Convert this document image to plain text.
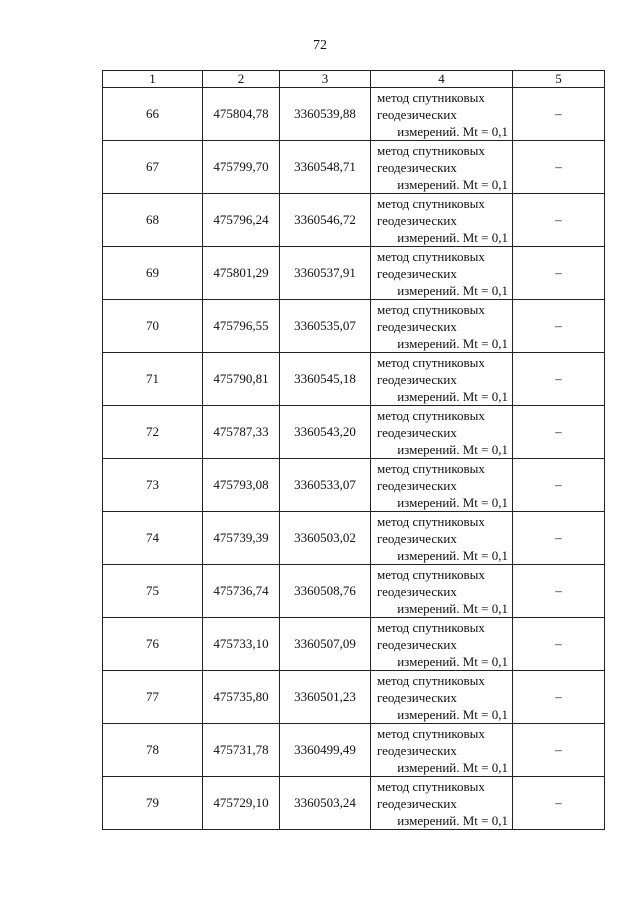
72
1	2	3	4	5
66	475804,78	3360539,88	метод спутниковых
геодезических
измерений. Mt = 0,1	–
67	475799,70	3360548,71	метод спутниковых
геодезических
измерений. Mt = 0,1	–
68	475796,24	3360546,72	метод спутниковых
геодезических
измерений. Mt = 0,1	–
69	475801,29	3360537,91	метод спутниковых
геодезических
измерений. Mt = 0,1	–
70	475796,55	3360535,07	метод спутниковых
геодезических
измерений. Mt = 0,1	–
71	475790,81	3360545,18	метод спутниковых
геодезических
измерений. Mt = 0,1	–
72	475787,33	3360543,20	метод спутниковых
геодезических
измерений. Mt = 0,1	–
73	475793,08	3360533,07	метод спутниковых
геодезических
измерений. Mt = 0,1	–
74	475739,39	3360503,02	метод спутниковых
геодезических
измерений. Mt = 0,1	–
75	475736,74	3360508,76	метод спутниковых
геодезических
измерений. Mt = 0,1	–
76	475733,10	3360507,09	метод спутниковых
геодезических
измерений. Mt = 0,1	–
77	475735,80	3360501,23	метод спутниковых
геодезических
измерений. Mt = 0,1	–
78	475731,78	3360499,49	метод спутниковых
геодезических
измерений. Mt = 0,1	–
79	475729,10	3360503,24	метод спутниковых
геодезических
измерений. Mt = 0,1	–
